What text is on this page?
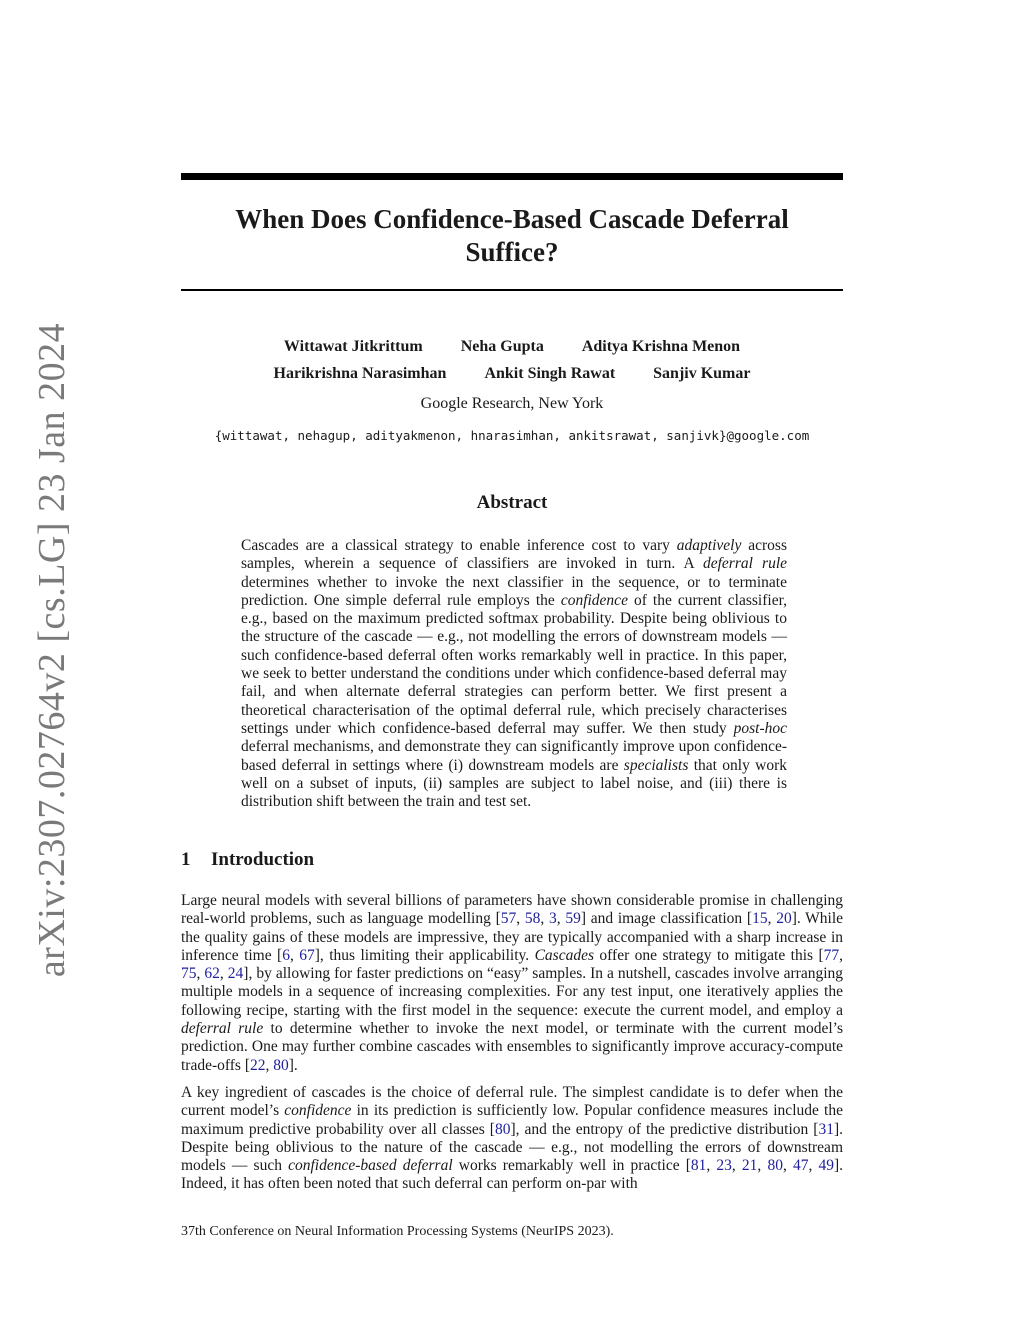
arXiv:2307.02764v2 [cs.LG] 23 Jan 2024
When Does Confidence-Based Cascade Deferral
Suffice?
Wittawat Jitkrittum Neha Gupta Aditya Krishna Menon
Harikrishna Narasimhan Ankit Singh Rawat Sanjiv Kumar
Google Research, New York
{wittawat, nehagup, adityakmenon, hnarasimhan, ankitsrawat, sanjivk}@google.com
Abstract
Cascades are a classical strategy to enable inference cost to vary adaptively across samples, wherein a sequence of classifiers are invoked in turn. A deferral rule determines whether to invoke the next classifier in the sequence, or to terminate prediction. One simple deferral rule employs the confidence of the current classifier, e.g., based on the maximum predicted softmax probability. Despite being oblivious to the structure of the cascade — e.g., not modelling the errors of downstream models — such confidence-based deferral often works remarkably well in practice. In this paper, we seek to better understand the conditions under which confidence-based deferral may fail, and when alternate deferral strategies can perform better. We first present a theoretical characterisation of the optimal deferral rule, which precisely characterises settings under which confidence-based deferral may suffer. We then study post-hoc deferral mechanisms, and demonstrate they can significantly improve upon confidence-based deferral in settings where (i) downstream models are specialists that only work well on a subset of inputs, (ii) samples are subject to label noise, and (iii) there is distribution shift between the train and test set.
1 Introduction

Large neural models with several billions of parameters have shown considerable promise in challenging real-world problems, such as language modelling [57, 58, 3, 59] and image classification [15, 20]. While the quality gains of these models are impressive, they are typically accompanied with a sharp increase in inference time [6, 67], thus limiting their applicability. Cascades offer one strategy to mitigate this [77, 75, 62, 24], by allowing for faster predictions on “easy” samples. In a nutshell, cascades involve arranging multiple models in a sequence of increasing complexities. For any test input, one iteratively applies the following recipe, starting with the first model in the sequence: execute the current model, and employ a deferral rule to determine whether to invoke the next model, or terminate with the current model’s prediction. One may further combine cascades with ensembles to significantly improve accuracy-compute trade-offs [22, 80].

A key ingredient of cascades is the choice of deferral rule. The simplest candidate is to defer when the current model’s confidence in its prediction is sufficiently low. Popular confidence measures include the maximum predictive probability over all classes [80], and the entropy of the predictive distribution [31]. Despite being oblivious to the nature of the cascade — e.g., not modelling the errors of downstream models — such confidence-based deferral works remarkably well in practice [81, 23, 21, 80, 47, 49]. Indeed, it has often been noted that such deferral can perform on-par with

37th Conference on Neural Information Processing Systems (NeurIPS 2023).
